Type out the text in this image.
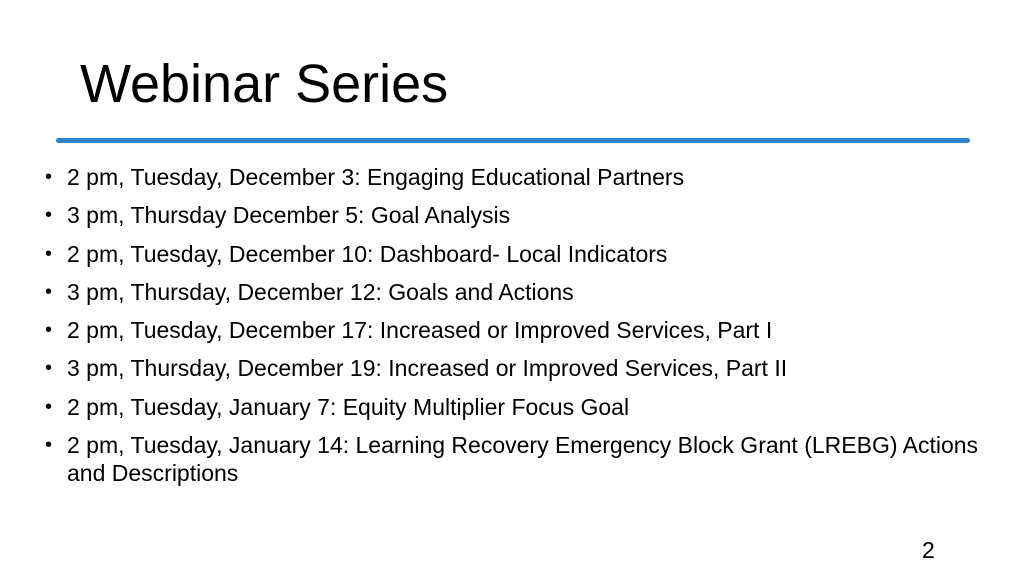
Webinar Series
• 2 pm, Tuesday, December 3: Engaging Educational Partners
• 3 pm, Thursday December 5: Goal Analysis
• 2 pm, Tuesday, December 10: Dashboard- Local Indicators
• 3 pm, Thursday, December 12: Goals and Actions
• 2 pm, Tuesday, December 17: Increased or Improved Services, Part I
• 3 pm, Thursday, December 19: Increased or Improved Services, Part II
• 2 pm, Tuesday, January 7: Equity Multiplier Focus Goal
• 2 pm, Tuesday, January 14: Learning Recovery Emergency Block Grant (LREBG) Actions and Descriptions
2
